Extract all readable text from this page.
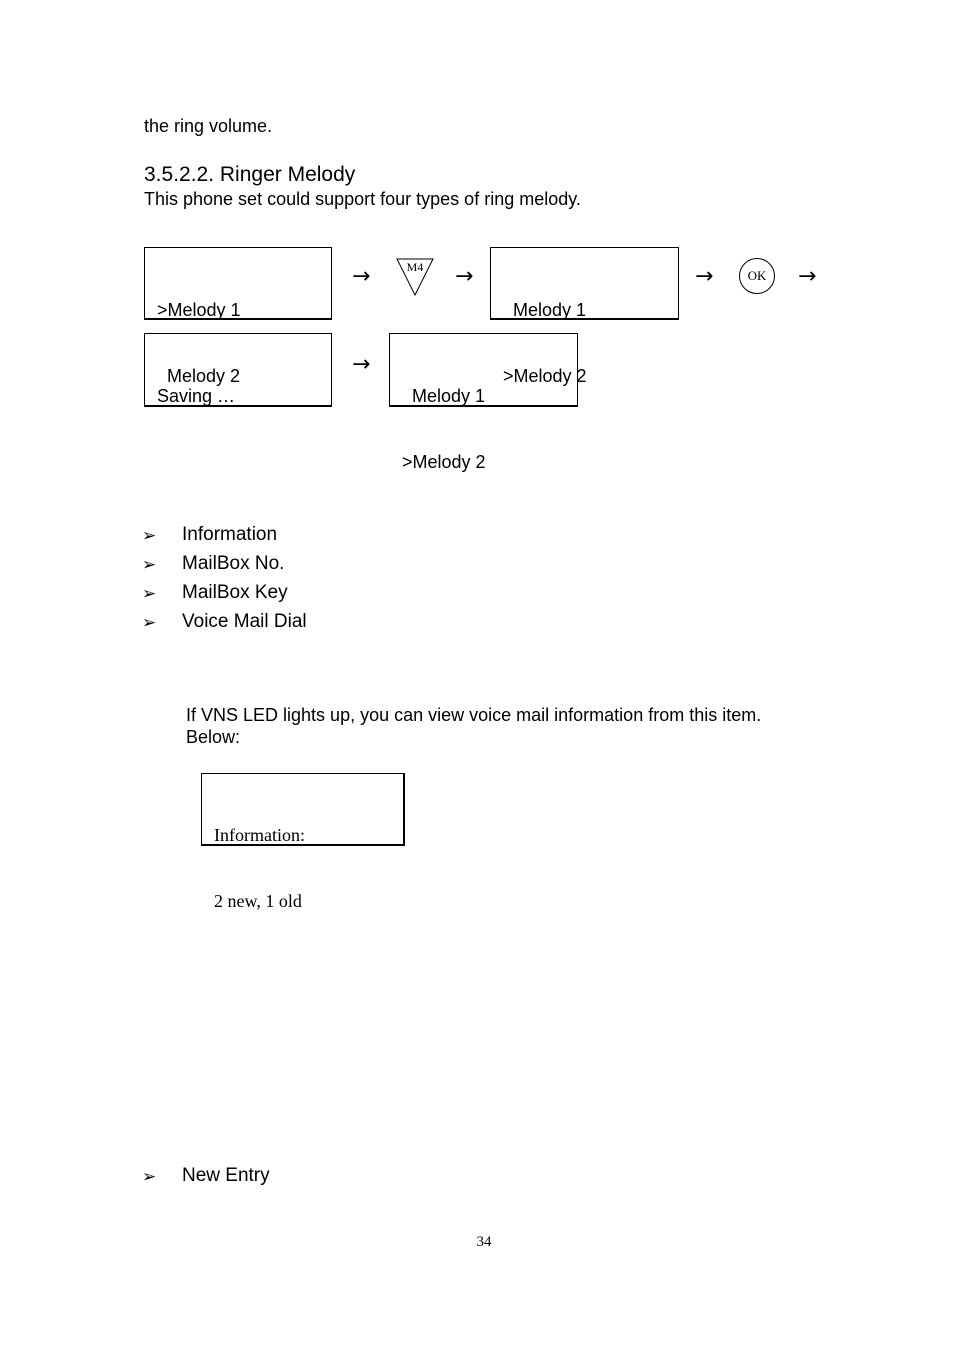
the ring volume.
3.5.2.2. Ringer Melody
This phone set could support four types of ring melody.

>Melody 1

Melody 2

→	M4	→

Melody 1

>Melody 2

→	OK	→

Saving …

→

Melody 1

>Melody 2

➢ Information
➢ MailBox No.
➢ MailBox Key
➢ Voice Mail Dial
If VNS LED lights up, you can view voice mail information from this item.
Below:

Information:

2 new, 1 old

➢ New Entry
34
